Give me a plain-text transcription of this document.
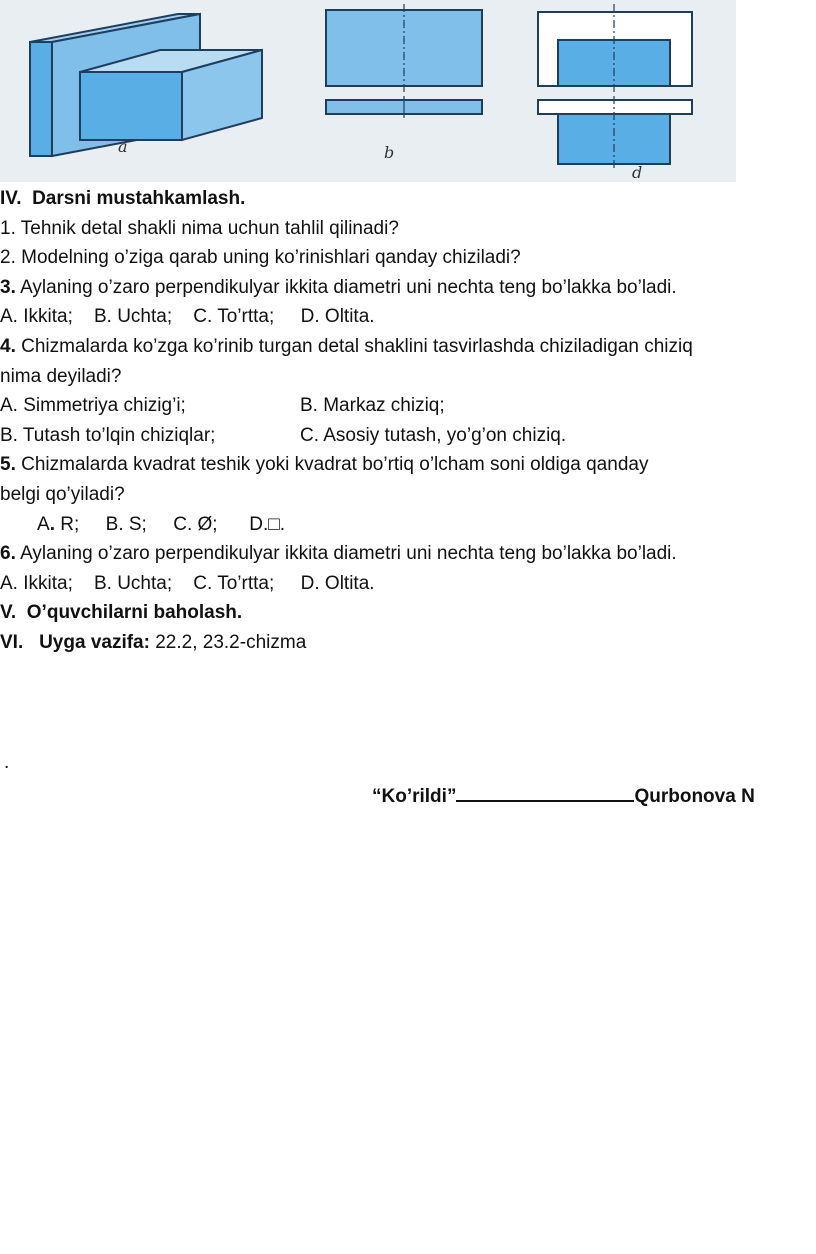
a	b
d
IV. Darsni mustahkamlash.
1. Tehnik detal shakli nima uchun tahlil qilinadi?
2. Modelning o’ziga qarab uning ko’rinishlari qanday chiziladi?
3. Aylaning o’zaro perpendikulyar ikkita diametri uni nechta teng bo’lakka bo’ladi.
A. Ikkita; B. Uchta; C. To’rtta; D. Oltita.
4. Chizmalarda ko’zga ko’rinib turgan detal shaklini tasvirlashda chiziladigan chiziq
nima deyiladi?
A. Simmetriya chizig’i;	B. Markaz chiziq;
B. Tutash to’lqin chiziqlar;	C. Asosiy tutash, yo’g’on chiziq.
5. Chizmalarda kvadrat teshik yoki kvadrat bo’rtiq o’lcham soni oldiga qanday
belgi qo’yiladi?
A. R; B. S; C. Ø; D.□.
6. Aylaning o’zaro perpendikulyar ikkita diametri uni nechta teng bo’lakka bo’ladi.
A. Ikkita; B. Uchta; C. To’rtta; D. Oltita.
V. O’quvchilarni baholash.
VI. Uyga vazifa: 22.2, 23.2-chizma
.
“Ko’rildi”	Qurbonova N
